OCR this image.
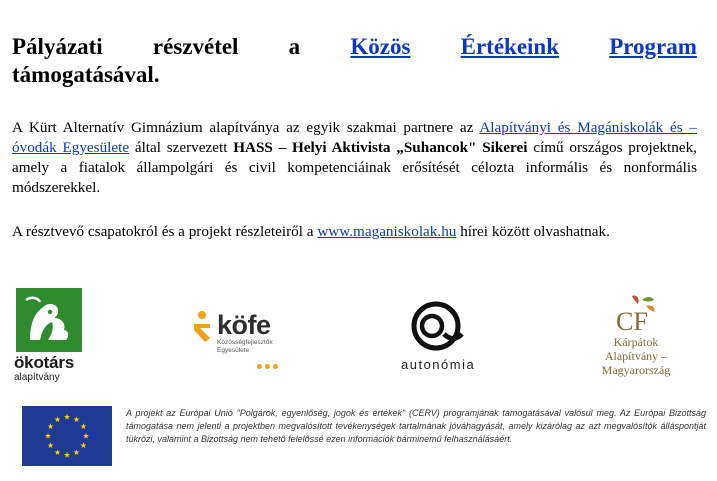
Pályázati részvétel a Közös Értékeink Program
támogatásával.
A Kürt Alternatív Gimnázium alapítványa az egyik szakmai partnere az Alapítványi és Magániskolák és –óvodák Egyesülete által szervezett HASS – Helyi Aktivista „Suhancok" Sikerei című országos projektnek, amely a fiatalok állampolgári és civil kompetenciáinak erősítését célozta informális és nonformális módszerekkel.
A résztvevő csapatokról és a projekt részleteiről a www.maganiskolak.hu hírei között olvashatnak.
ökotárs
alapítvány
köfe
Közösségfejlesztők
Egyesülete
autonómia
CF
Kárpátok
Alapítvány –
Magyarország
A projekt az Európai Unió "Polgárok, egyenlőség, jogok és értékek" (CERV) programjának támogatásával valósul meg. Az Európai Bizottság támogatása nem jelenti a projektben megvalósított tevékenységek tartalmának jóváhagyását, amely kizárólag az azt megvalósítók álláspontját tükrözi, valamint a Bizottság nem tehető felelőssé ezen információk bárminemű felhasználásáért.
